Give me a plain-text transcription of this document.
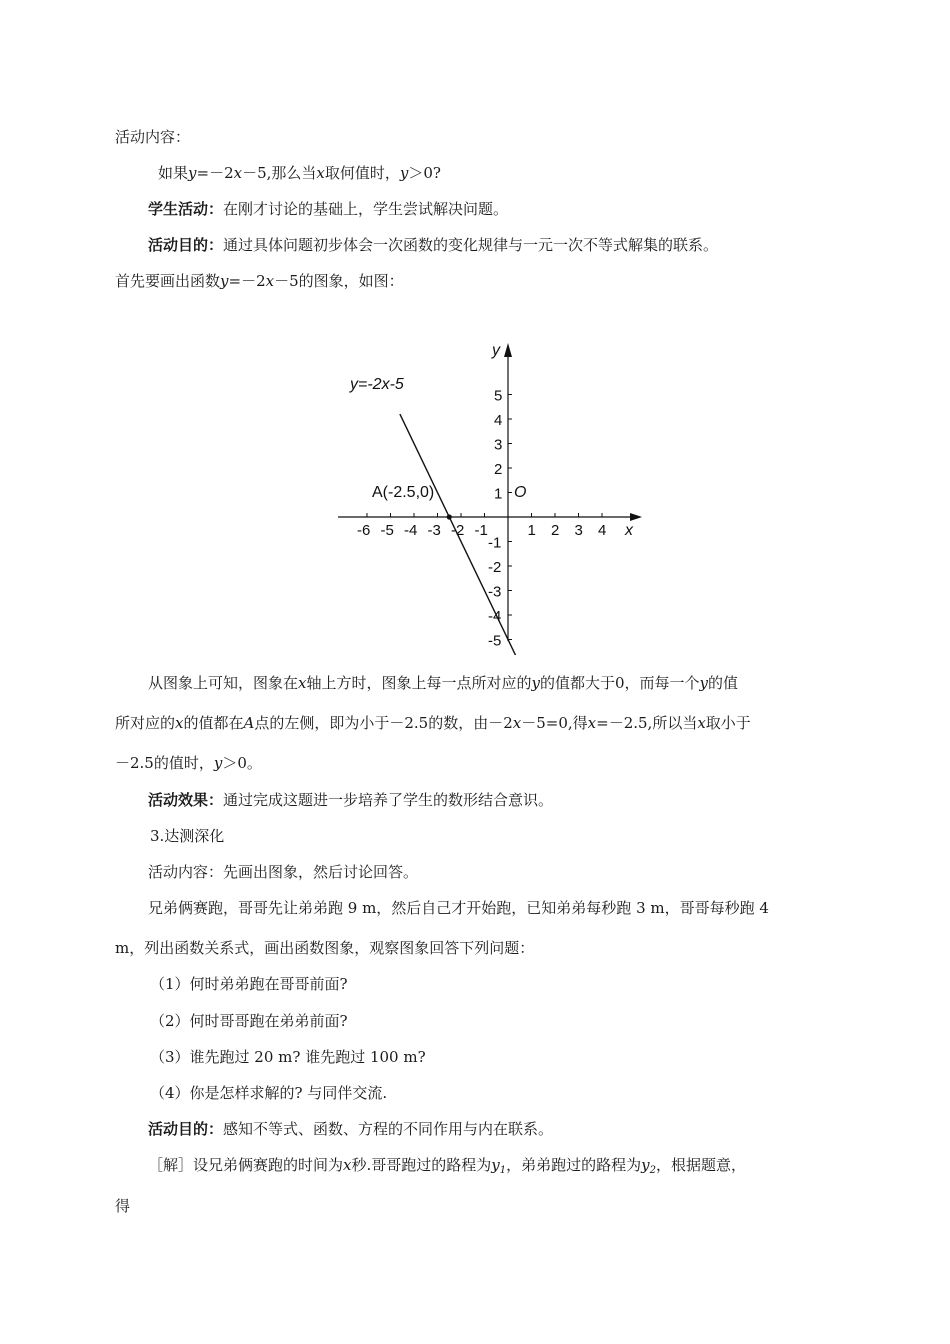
活动内容：
如果y=－2x－5,那么当x取何值时，y＞0?
学生活动：在刚才讨论的基础上，学生尝试解决问题。
活动目的：通过具体问题初步体会一次函数的变化规律与一元一次不等式解集的联系。
首先要画出函数y=－2x－5的图象，如图：
x
y
-6 -5 -4 -3 -2 -1	1 2 3 4
5
4
3
2
1
-1
-2
-3
-4
-5
y=-2x-5
A(-2.5,0)	O
从图象上可知，图象在x轴上方时，图象上每一点所对应的y的值都大于0，而每一个y的值
所对应的x的值都在A点的左侧，即为小于－2.5的数，由－2x－5=0,得x=－2.5,所以当x取小于
－2.5的值时，y＞0。
活动效果：通过完成这题进一步培养了学生的数形结合意识。
3.达测深化
活动内容：先画出图象，然后讨论回答。
兄弟俩赛跑，哥哥先让弟弟跑 9 m，然后自己才开始跑，已知弟弟每秒跑 3 m，哥哥每秒跑 4
m，列出函数关系式，画出函数图象，观察图象回答下列问题：
（1）何时弟弟跑在哥哥前面?
（2）何时哥哥跑在弟弟前面?
（3）谁先跑过 20 m? 谁先跑过 100 m?
（4）你是怎样求解的? 与同伴交流.
活动目的：感知不等式、函数、方程的不同作用与内在联系。
［解］设兄弟俩赛跑的时间为x秒.哥哥跑过的路程为$y_1$，弟弟跑过的路程为$y_2$，根据题意，
得
